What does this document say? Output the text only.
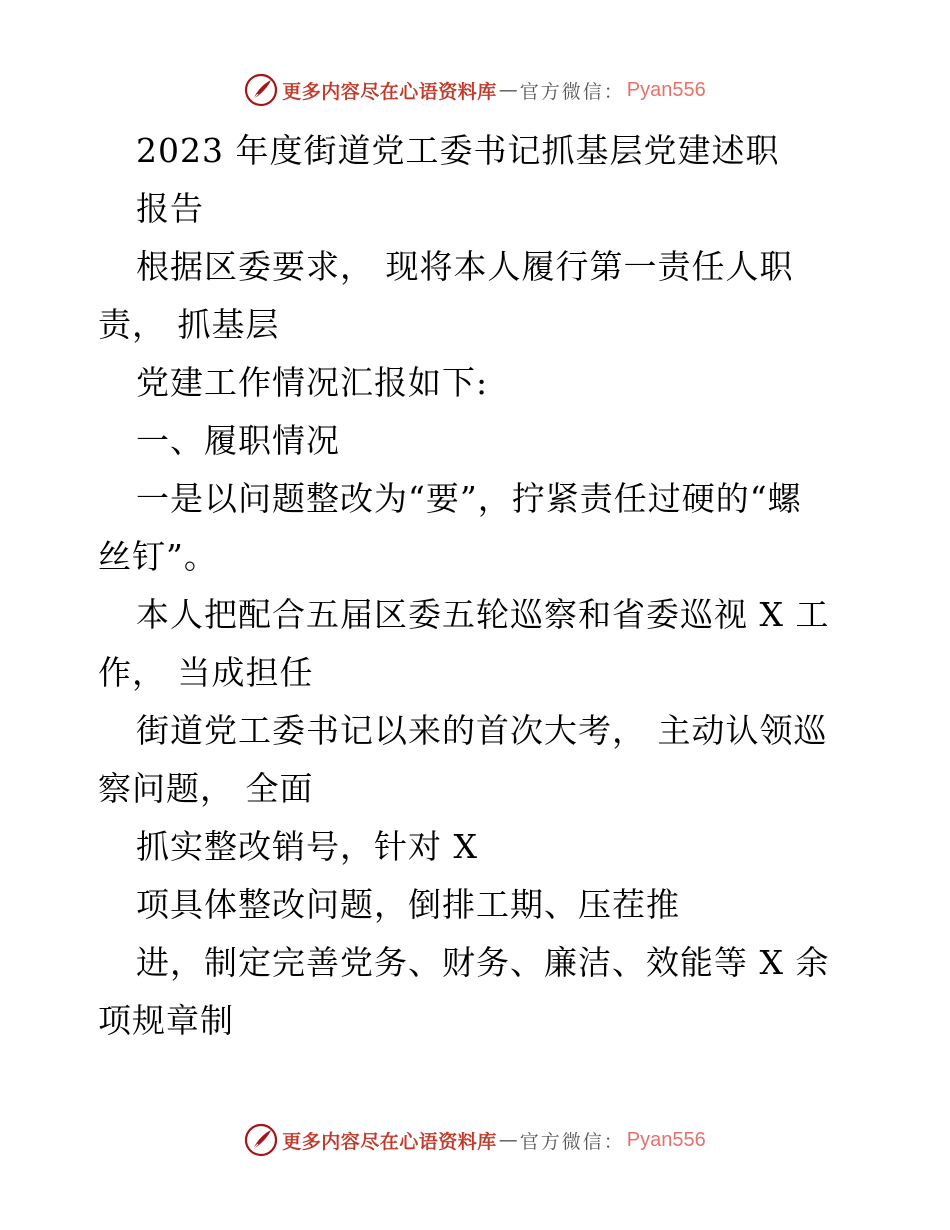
更多内容尽在心语资料库 — 官方微信： Pyan556
2023 年度街道党工委书记抓基层党建述职
报告
根据区委要求， 现将本人履行第一责任人职
责， 抓基层
党建工作情况汇报如下:
一、履职情况
一是以问题整改为“要”，拧紧责任过硬的“螺
丝钉”。
本人把配合五届区委五轮巡察和省委巡视 X 工
作， 当成担任
街道党工委书记以来的首次大考， 主动认领巡
察问题， 全面
抓实整改销号，针对 X
项具体整改问题，倒排工期、压茬推
进，制定完善党务、财务、廉洁、效能等 X 余
项规章制
更多内容尽在心语资料库 — 官方微信： Pyan556
